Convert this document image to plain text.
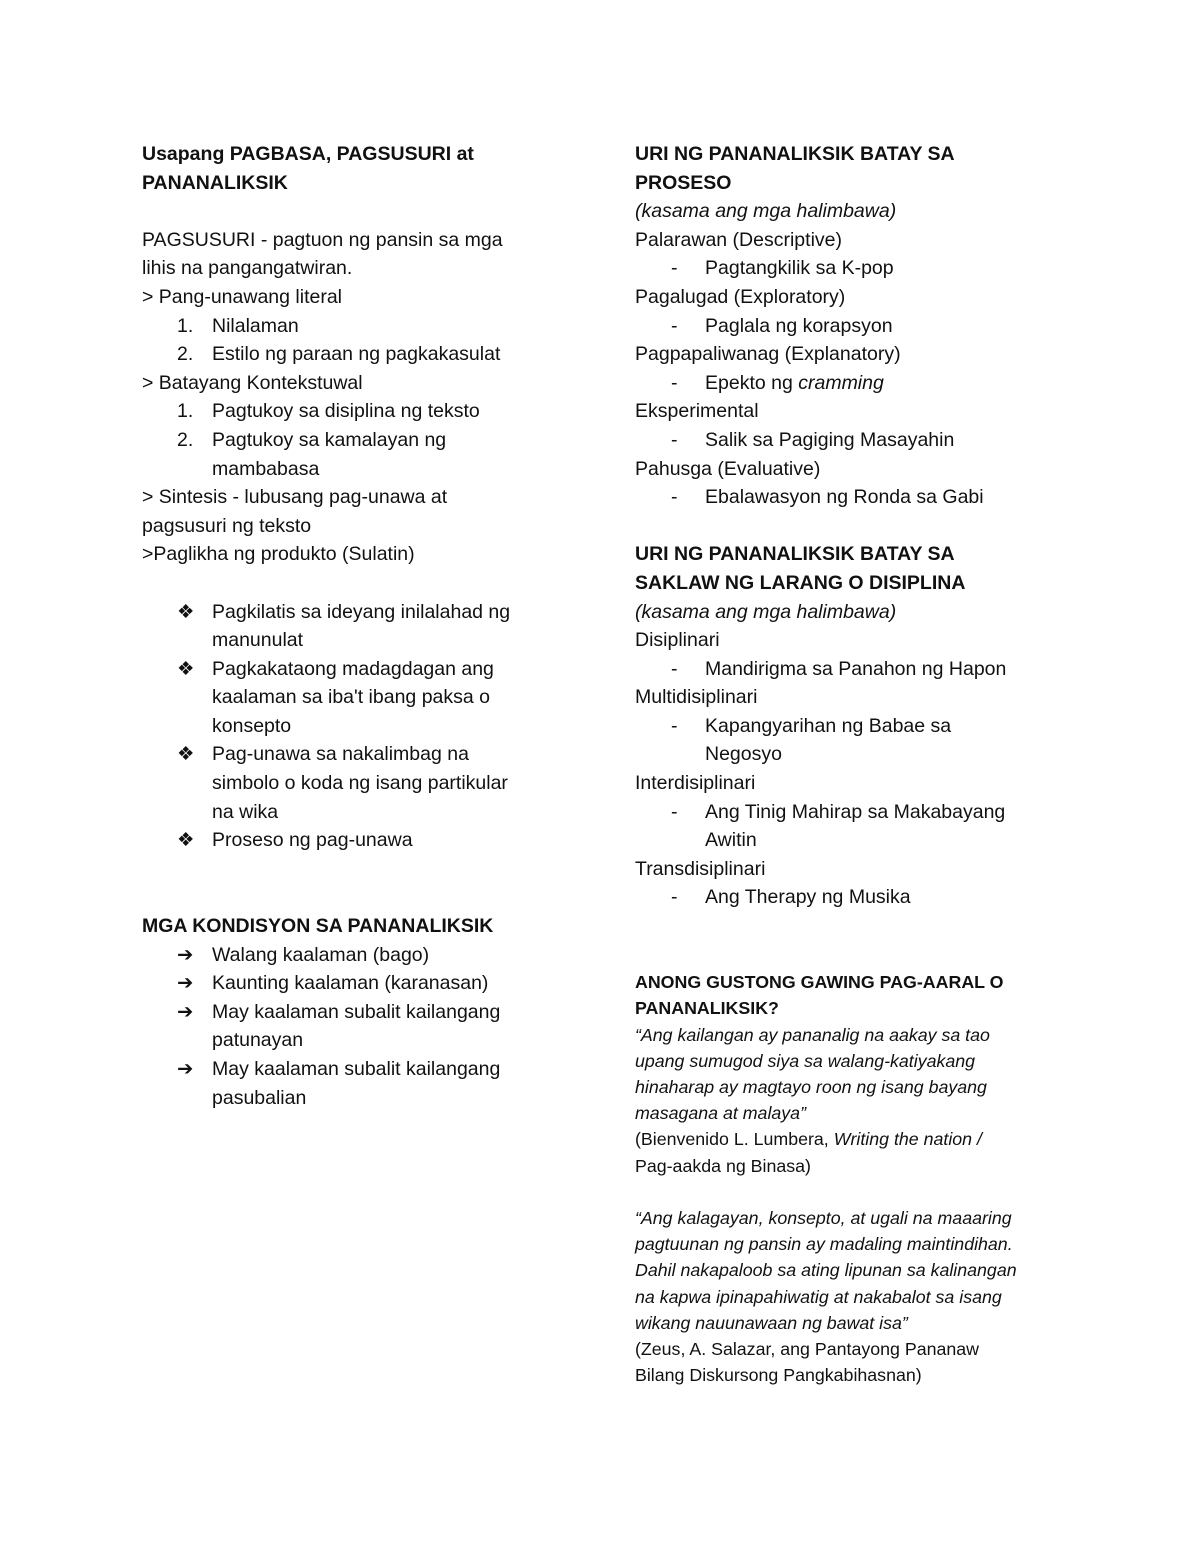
Usapang PAGBASA, PAGSUSURI at
PANANALIKSIK
PAGSUSURI - pagtuon ng pansin sa mga
lihis na pangangatwiran.
> Pang-unawang literal
1. Nilalaman
2. Estilo ng paraan ng pagkakasulat
> Batayang Kontekstuwal
1. Pagtukoy sa disiplina ng teksto
2. Pagtukoy sa kamalayan ng
mambabasa
> Sintesis - lubusang pag-unawa at
pagsusuri ng teksto
>Paglikha ng produkto (Sulatin)
❖ Pagkilatis sa ideyang inilalahad ng
manunulat
❖ Pagkakataong madagdagan ang
kaalaman sa iba't ibang paksa o
konsepto
❖ Pag-unawa sa nakalimbag na
simbolo o koda ng isang partikular
na wika
❖ Proseso ng pag-unawa
MGA KONDISYON SA PANANALIKSIK
➔ Walang kaalaman (bago)
➔ Kaunting kaalaman (karanasan)
➔ May kaalaman subalit kailangang
patunayan
➔ May kaalaman subalit kailangang
pasubalian
URI NG PANANALIKSIK BATAY SA
PROSESO
(kasama ang mga halimbawa)
Palarawan (Descriptive)
- Pagtangkilik sa K-pop
Pagalugad (Exploratory)
- Paglala ng korapsyon
Pagpapaliwanag (Explanatory)
- Epekto ng cramming
Eksperimental
- Salik sa Pagiging Masayahin
Pahusga (Evaluative)
- Ebalawasyon ng Ronda sa Gabi
URI NG PANANALIKSIK BATAY SA
SAKLAW NG LARANG O DISIPLINA
(kasama ang mga halimbawa)
Disiplinari
- Mandirigma sa Panahon ng Hapon
Multidisiplinari
- Kapangyarihan ng Babae sa
Negosyo
Interdisiplinari
- Ang Tinig Mahirap sa Makabayang
Awitin
Transdisiplinari
- Ang Therapy ng Musika
ANONG GUSTONG GAWING PAG-AARAL O
PANANALIKSIK?
“Ang kailangan ay pananalig na aakay sa tao
upang sumugod siya sa walang-katiyakang
hinaharap ay magtayo roon ng isang bayang
masagana at malaya”
(Bienvenido L. Lumbera, Writing the nation /
Pag-aakda ng Binasa)
“Ang kalagayan, konsepto, at ugali na maaaring
pagtuunan ng pansin ay madaling maintindihan.
Dahil nakapaloob sa ating lipunan sa kalinangan
na kapwa ipinapahiwatig at nakabalot sa isang
wikang nauunawaan ng bawat isa”
(Zeus, A. Salazar, ang Pantayong Pananaw
Bilang Diskursong Pangkabihasnan)
